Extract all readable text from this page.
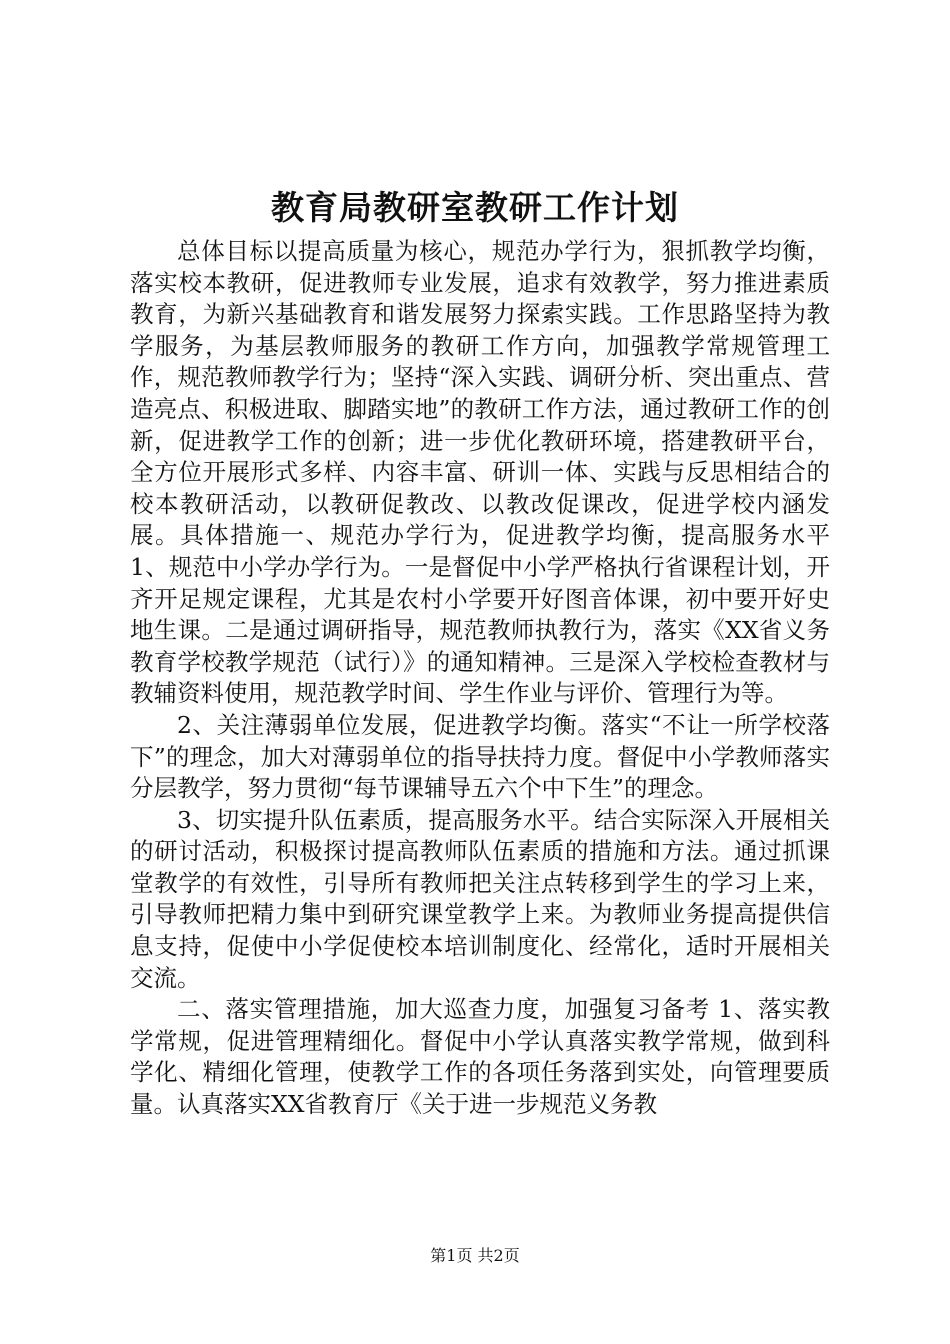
教育局教研室教研工作计划

总体目标以提高质量为核心，规范办学行为，狠抓教学均衡，落实校本教研，促进教师专业发展，追求有效教学，努力推进素质教育，为新兴基础教育和谐发展努力探索实践。工作思路坚持为教学服务，为基层教师服务的教研工作方向，加强教学常规管理工作，规范教师教学行为；坚持“深入实践、调研分析、突出重点、营造亮点、积极进取、脚踏实地”的教研工作方法，通过教研工作的创新，促进教学工作的创新；进一步优化教研环境，搭建教研平台，全方位开展形式多样、内容丰富、研训一体、实践与反思相结合的校本教研活动，以教研促教改、以教改促课改，促进学校内涵发展。具体措施一、规范办学行为，促进教学均衡，提高服务水平 1、规范中小学办学行为。一是督促中小学严格执行省课程计划，开齐开足规定课程，尤其是农村小学要开好图音体课，初中要开好史地生课。二是通过调研指导，规范教师执教行为，落实《XX省义务教育学校教学规范（试行）》的通知精神。三是深入学校检查教材与教辅资料使用，规范教学时间、学生作业与评价、管理行为等。

2、关注薄弱单位发展，促进教学均衡。落实“不让一所学校落下”的理念，加大对薄弱单位的指导扶持力度。督促中小学教师落实分层教学，努力贯彻“每节课辅导五六个中下生”的理念。

3、切实提升队伍素质，提高服务水平。结合实际深入开展相关的研讨活动，积极探讨提高教师队伍素质的措施和方法。通过抓课堂教学的有效性，引导所有教师把关注点转移到学生的学习上来，引导教师把精力集中到研究课堂教学上来。为教师业务提高提供信息支持，促使中小学促使校本培训制度化、经常化，适时开展相关交流。

二、落实管理措施，加大巡查力度，加强复习备考 1、落实教学常规，促进管理精细化。督促中小学认真落实教学常规，做到科学化、精细化管理，使教学工作的各项任务落到实处，向管理要质量。认真落实XX省教育厅《关于进一步规范义务教

第1页 共2页
